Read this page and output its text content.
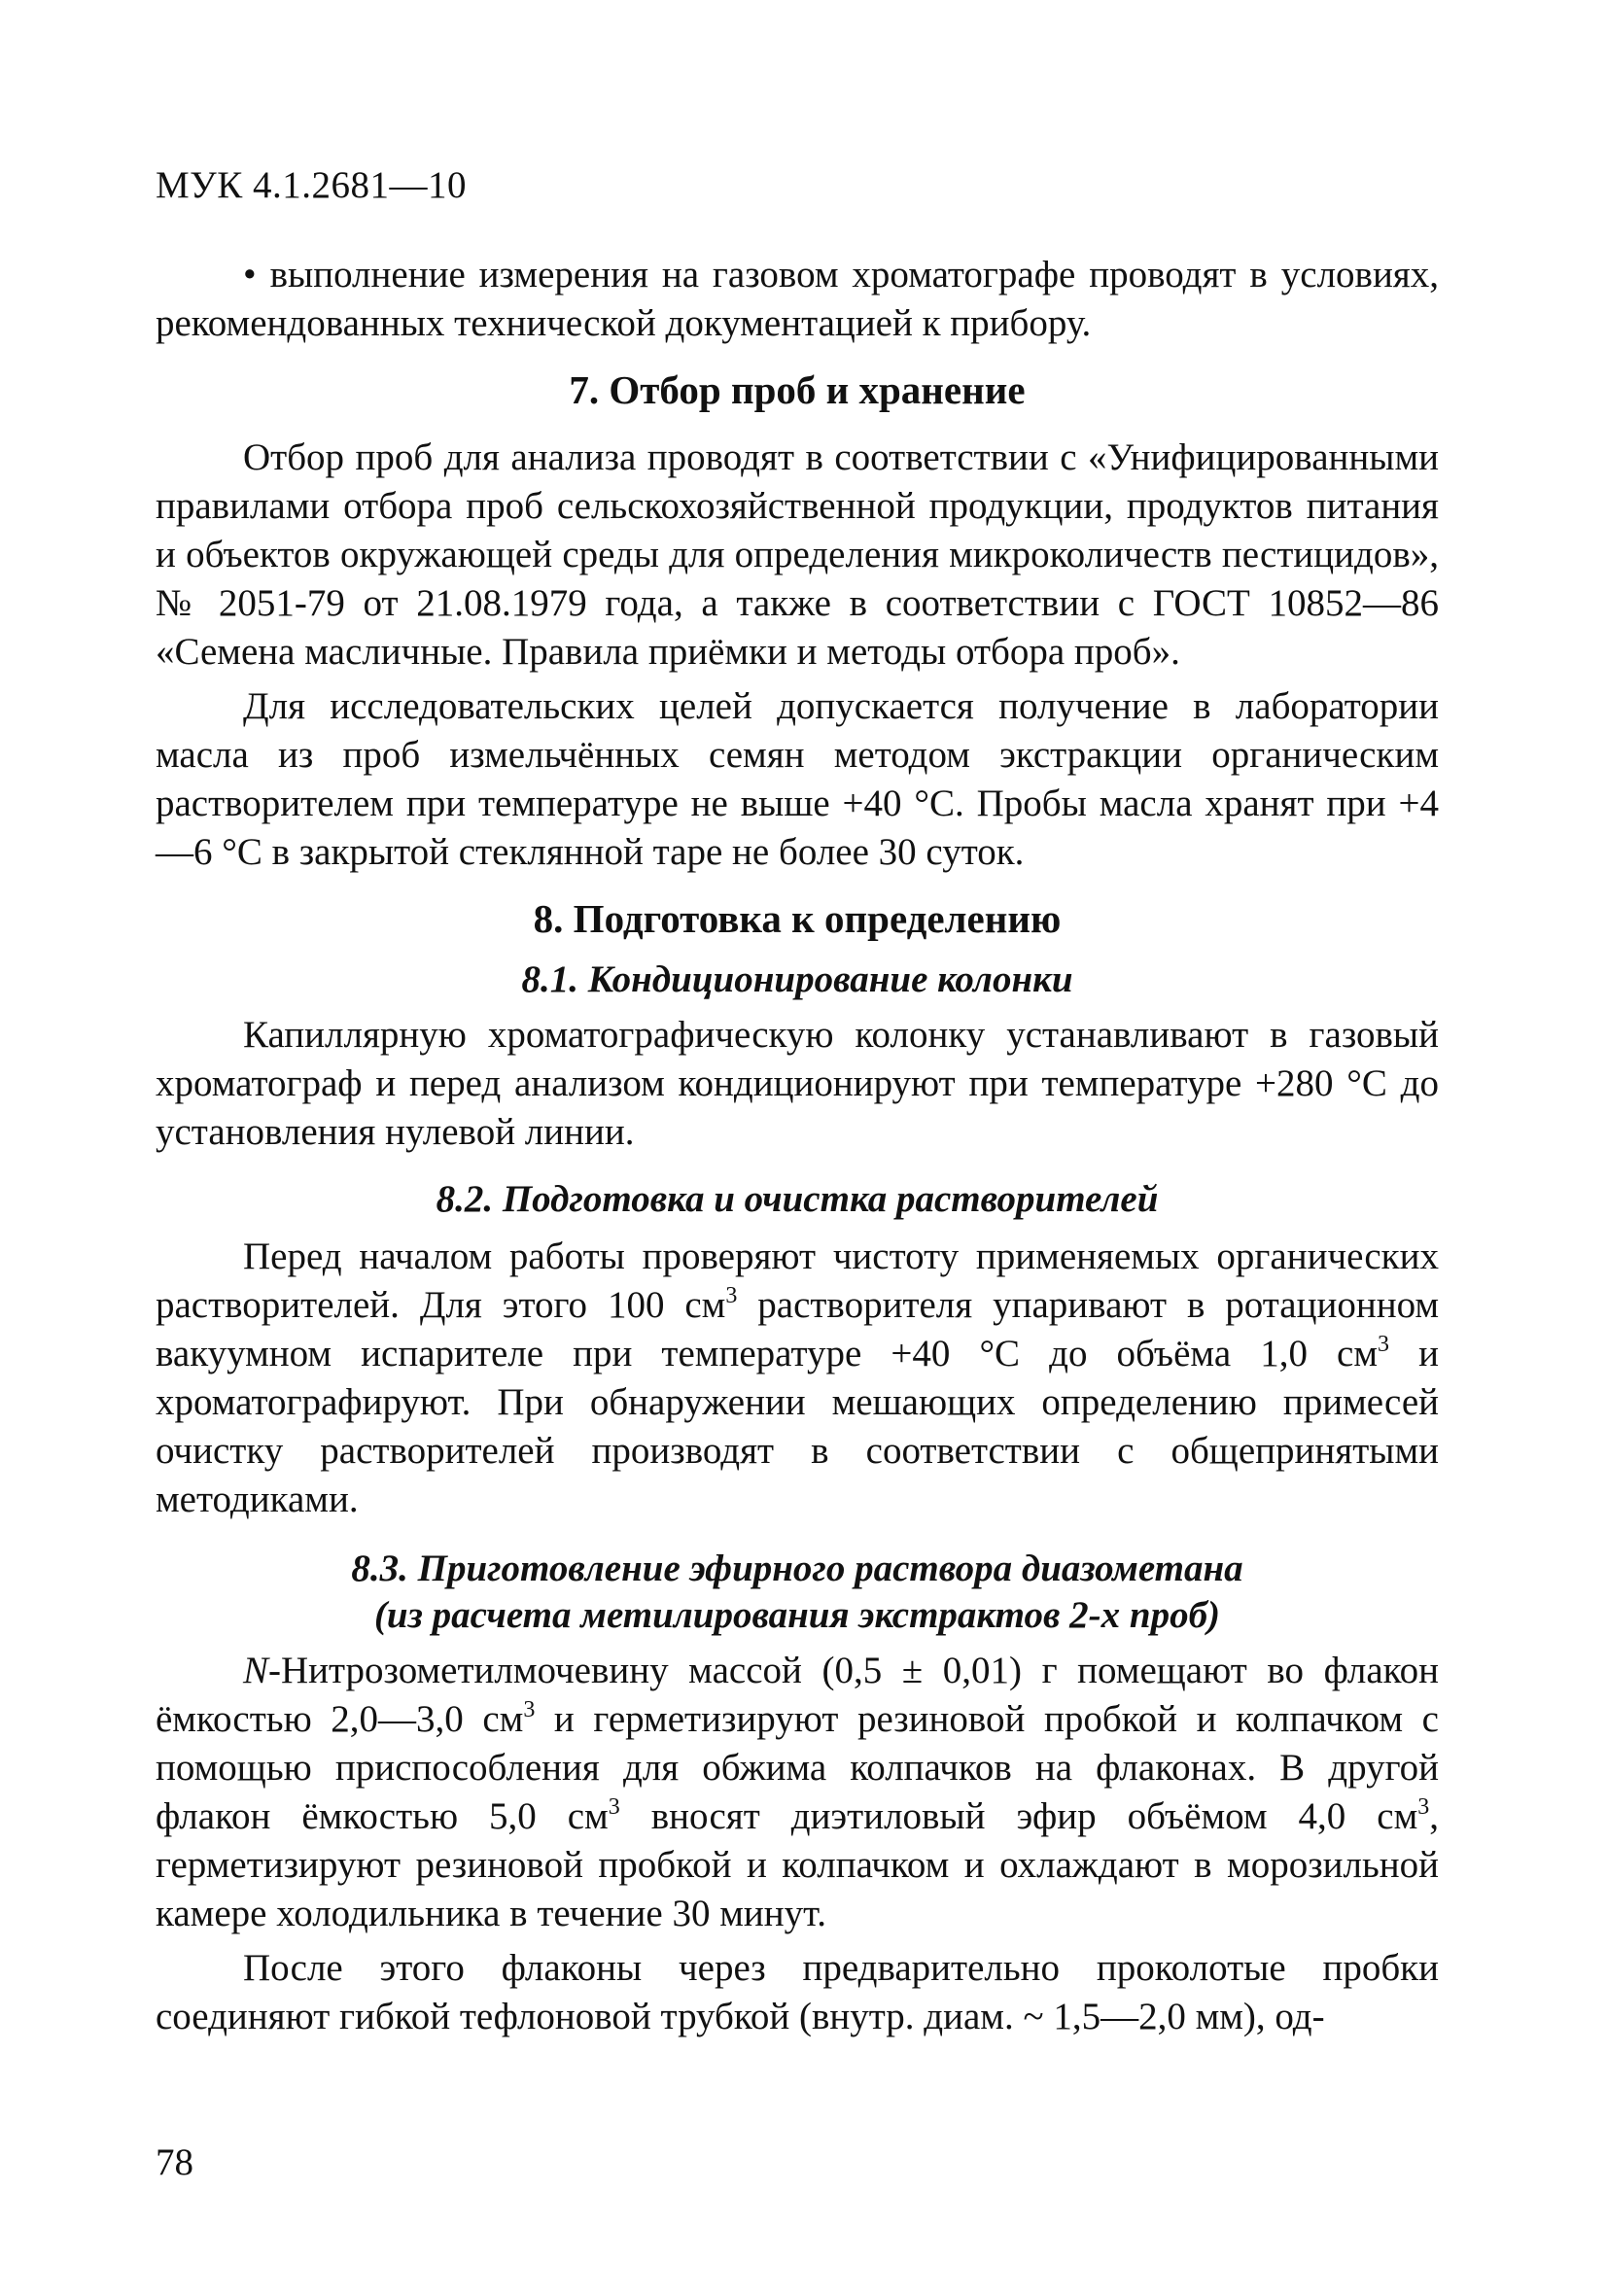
МУК 4.1.2681—10

• выполнение измерения на газовом хроматографе проводят в условиях, рекомендованных технической документацией к прибору.

7. Отбор проб и хранение

Отбор проб для анализа проводят в соответствии с «Унифицированными правилами отбора проб сельскохозяйственной продукции, продуктов питания и объектов окружающей среды для определения микроколичеств пестицидов», № 2051-79 от 21.08.1979 года, а также в соответствии с ГОСТ 10852—86 «Семена масличные. Правила приёмки и методы отбора проб».

Для исследовательских целей допускается получение в лаборатории масла из проб измельчённых семян методом экстракции органическим растворителем при температуре не выше +40 °С. Пробы масла хранят при +4—6 °С в закрытой стеклянной таре не более 30 суток.

8. Подготовка к определению
8.1. Кондиционирование колонки

Капиллярную хроматографическую колонку устанавливают в газовый хроматограф и перед анализом кондиционируют при температуре +280 °С до установления нулевой линии.

8.2. Подготовка и очистка растворителей

Перед началом работы проверяют чистоту применяемых органических растворителей. Для этого 100 $см^3$ растворителя упаривают в ротационном вакуумном испарителе при температуре +40 °С до объёма 1,0 $см^3$ и хроматографируют. При обнаружении мешающих определению примесей очистку растворителей производят в соответствии с общепринятыми методиками.

8.3. Приготовление эфирного раствора диазометана
(из расчета метилирования экстрактов 2-х проб)

N-Нитрозометилмочевину массой (0,5 ± 0,01) г помещают во флакон ёмкостью 2,0—3,0 $см^3$ и герметизируют резиновой пробкой и колпачком с помощью приспособления для обжима колпачков на флаконах. В другой флакон ёмкостью 5,0 $см^3$ вносят диэтиловый эфир объёмом 4,0 $см^3$, герметизируют резиновой пробкой и колпачком и охлаждают в морозильной камере холодильника в течение 30 минут.

После этого флаконы через предварительно проколотые пробки соединяют гибкой тефлоновой трубкой (внутр. диам. ~ 1,5—2,0 мм), од-

78
